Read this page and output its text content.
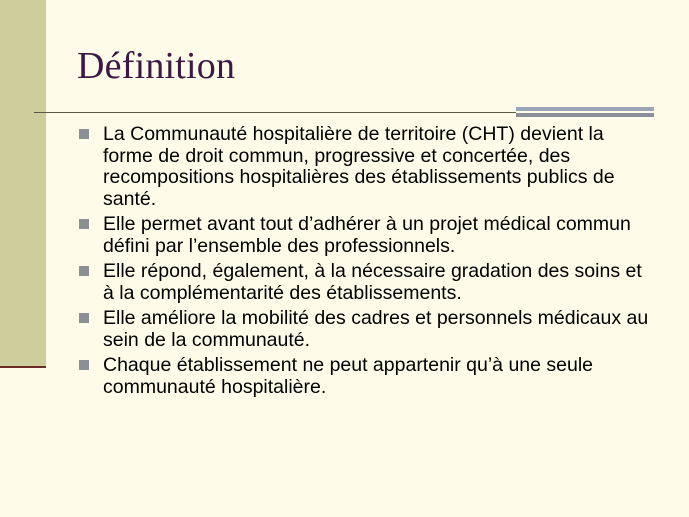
Définition
La Communauté hospitalière de territoire (CHT) devient la forme de droit commun, progressive et concertée, des recompositions hospitalières des établissements publics de santé.
Elle permet avant tout d’adhérer à un projet médical commun défini par l’ensemble des professionnels.
Elle répond, également, à la nécessaire gradation des soins et à la complémentarité des établissements.
Elle améliore la mobilité des cadres et personnels médicaux au sein de la communauté.
Chaque établissement ne peut appartenir qu’à une seule communauté hospitalière.
